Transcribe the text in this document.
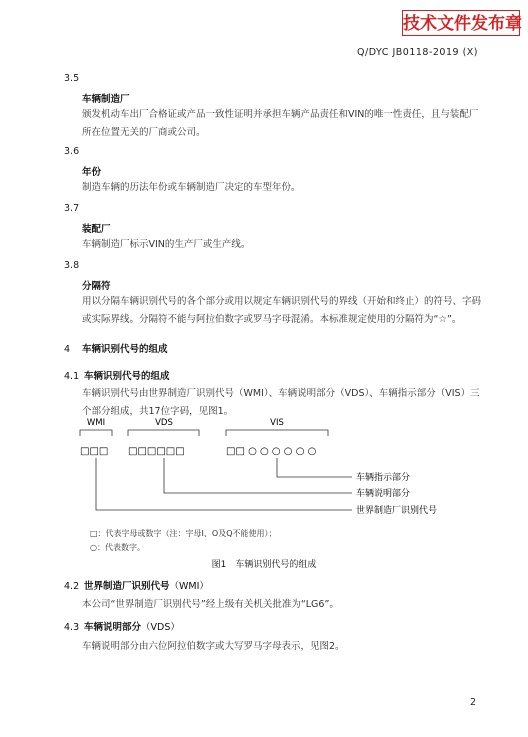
技术文件发布章
Q/DYC JB0118-2019 (X)
3.5
车辆制造厂
颁发机动车出厂合格证或产品一致性证明并承担车辆产品责任和VIN的唯一性责任，且与装配厂所在位置无关的厂商或公司。
3.6
年份
制造车辆的历法年份或车辆制造厂决定的车型年份。
3.7
装配厂
车辆制造厂标示VIN的生产厂或生产线。
3.8
分隔符
用以分隔车辆识别代号的各个部分或用以规定车辆识别代号的界线（开始和终止）的符号、字码或实际界线。分隔符不能与阿拉伯数字或罗马字母混淆。本标准规定使用的分隔符为“☆”。
4 车辆识别代号的组成
4.1 车辆识别代号的组成
车辆识别代号由世界制造厂识别代号（WMI）、车辆说明部分（VDS）、车辆指示部分（VIS）三个部分组成，共17位字码，见图1。
WMI	VDS	VIS
□□□ □□□□□□	□□ ○ ○ ○ ○ ○ ○
车辆指示部分
车辆说明部分
世界制造厂识别代号
□：代表字母或数字（注：字母I、O及Q不能使用）；
○：代表数字。
图1　车辆识别代号的组成
4.2 世界制造厂识别代号（WMI）
本公司“世界制造厂识别代号”经上级有关机关批准为“LG6”。
4.3 车辆说明部分（VDS）
车辆说明部分由六位阿拉伯数字或大写罗马字母表示，见图2。
2
